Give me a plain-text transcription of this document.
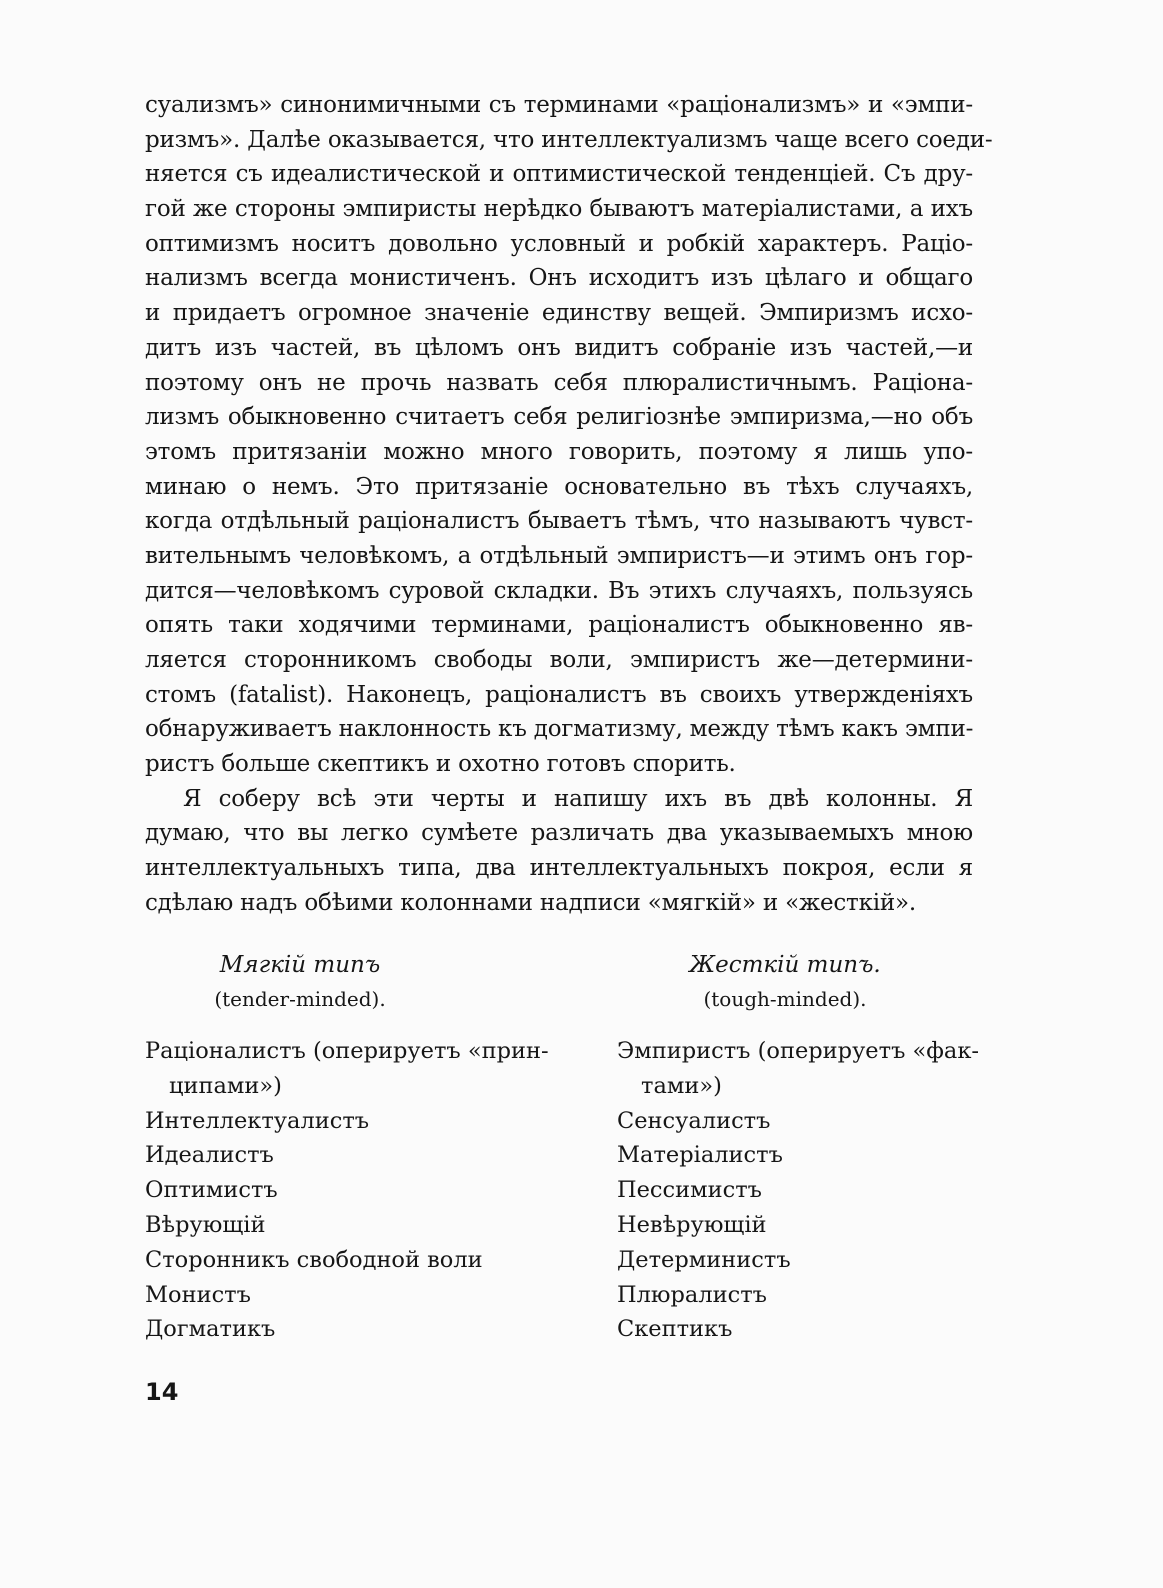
суализмъ» синонимичными съ терминами «раціонализмъ» и «эмпи-
ризмъ». Далѣе оказывается, что интеллектуализмъ чаще всего соеди-
няется съ идеалистической и оптимистической тенденціей. Съ дру-
гой же стороны эмпиристы нерѣдко бываютъ матеріалистами, а ихъ
оптимизмъ носитъ довольно условный и робкій характеръ. Раціо-
нализмъ всегда монистиченъ. Онъ исходитъ изъ цѣлаго и общаго
и придаетъ огромное значеніе единству вещей. Эмпиризмъ исхо-
дитъ изъ частей, въ цѣломъ онъ видитъ собраніе изъ частей,—и
поэтому онъ не прочь назвать себя плюралистичнымъ. Раціона-
лизмъ обыкновенно считаетъ себя религіознѣе эмпиризма,—но объ
этомъ притязаніи можно много говорить, поэтому я лишь упо-
минаю о немъ. Это притязаніе основательно въ тѣхъ случаяхъ,
когда отдѣльный раціоналистъ бываетъ тѣмъ, что называютъ чувст-
вительнымъ человѣкомъ, а отдѣльный эмпиристъ—и этимъ онъ гор-
дится—человѣкомъ суровой складки. Въ этихъ случаяхъ, пользуясь
опять таки ходячими терминами, раціоналистъ обыкновенно яв-
ляется сторонникомъ свободы воли, эмпиристъ же—детермини-
стомъ (fatalist). Наконецъ, раціоналистъ въ своихъ утвержденіяхъ
обнаруживаетъ наклонность къ догматизму, между тѣмъ какъ эмпи-
ристъ больше скептикъ и охотно готовъ спорить.
Я соберу всѣ эти черты и напишу ихъ въ двѣ колонны. Я
думаю, что вы легко сумѣете различать два указываемыхъ мною
интеллектуальныхъ типа, два интеллектуальныхъ покроя, если я
сдѣлаю надъ обѣими колоннами надписи «мягкій» и «жесткій».
Мягкій типъ
(tender-minded).
Жесткій типъ.
(tough-minded).
Раціоналистъ (оперируетъ «прин-
ципами»)
Интеллектуалистъ
Идеалистъ
Оптимистъ
Вѣрующій
Сторонникъ свободной воли
Монистъ
Догматикъ
Эмпиристъ (оперируетъ «фак-
тами»)
Сенсуалистъ
Матеріалистъ
Пессимистъ
Невѣрующій
Детерминистъ
Плюралистъ
Скептикъ
14
